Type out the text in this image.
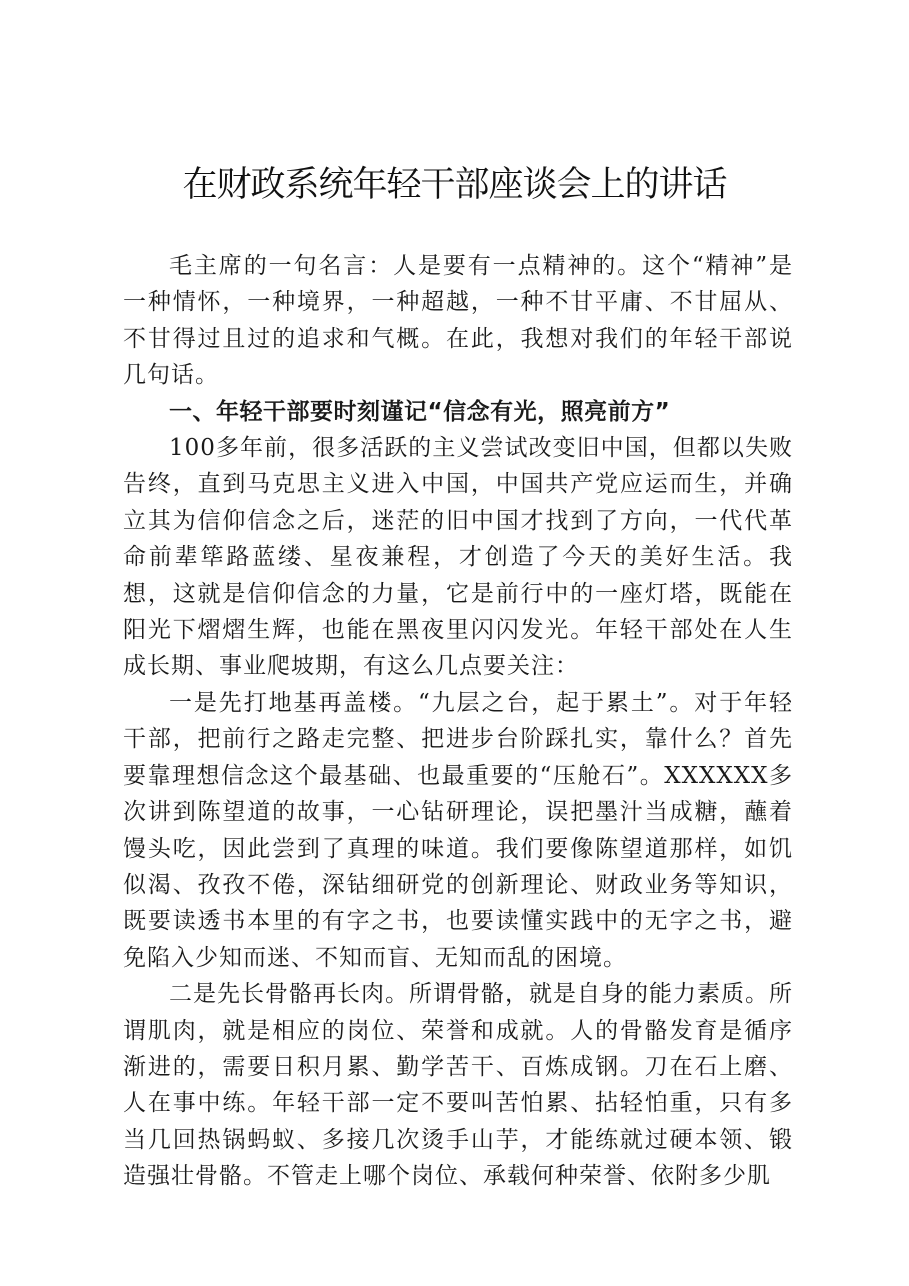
在财政系统年轻干部座谈会上的讲话

毛主席的一句名言：人是要有一点精神的。这个“精神”是一种情怀，一种境界，一种超越，一种不甘平庸、不甘屈从、不甘得过且过的追求和气概。在此，我想对我们的年轻干部说几句话。

一、年轻干部要时刻谨记“信念有光，照亮前方”

100多年前，很多活跃的主义尝试改变旧中国，但都以失败告终，直到马克思主义进入中国，中国共产党应运而生，并确立其为信仰信念之后，迷茫的旧中国才找到了方向，一代代革命前辈筚路蓝缕、星夜兼程，才创造了今天的美好生活。我想，这就是信仰信念的力量，它是前行中的一座灯塔，既能在阳光下熠熠生辉，也能在黑夜里闪闪发光。年轻干部处在人生成长期、事业爬坡期，有这么几点要关注：

一是先打地基再盖楼。“九层之台，起于累土”。对于年轻干部，把前行之路走完整、把进步台阶踩扎实，靠什么？首先要靠理想信念这个最基础、也最重要的“压舱石”。XXXXXX多次讲到陈望道的故事，一心钻研理论，误把墨汁当成糖，蘸着馒头吃，因此尝到了真理的味道。我们要像陈望道那样，如饥似渴、孜孜不倦，深钻细研党的创新理论、财政业务等知识，既要读透书本里的有字之书，也要读懂实践中的无字之书，避免陷入少知而迷、不知而盲、无知而乱的困境。

二是先长骨骼再长肉。所谓骨骼，就是自身的能力素质。所谓肌肉，就是相应的岗位、荣誉和成就。人的骨骼发育是循序渐进的，需要日积月累、勤学苦干、百炼成钢。刀在石上磨、人在事中练。年轻干部一定不要叫苦怕累、拈轻怕重，只有多当几回热锅蚂蚁、多接几次烫手山芋，才能练就过硬本领、锻造强壮骨骼。不管走上哪个岗位、承载何种荣誉、依附多少肌
